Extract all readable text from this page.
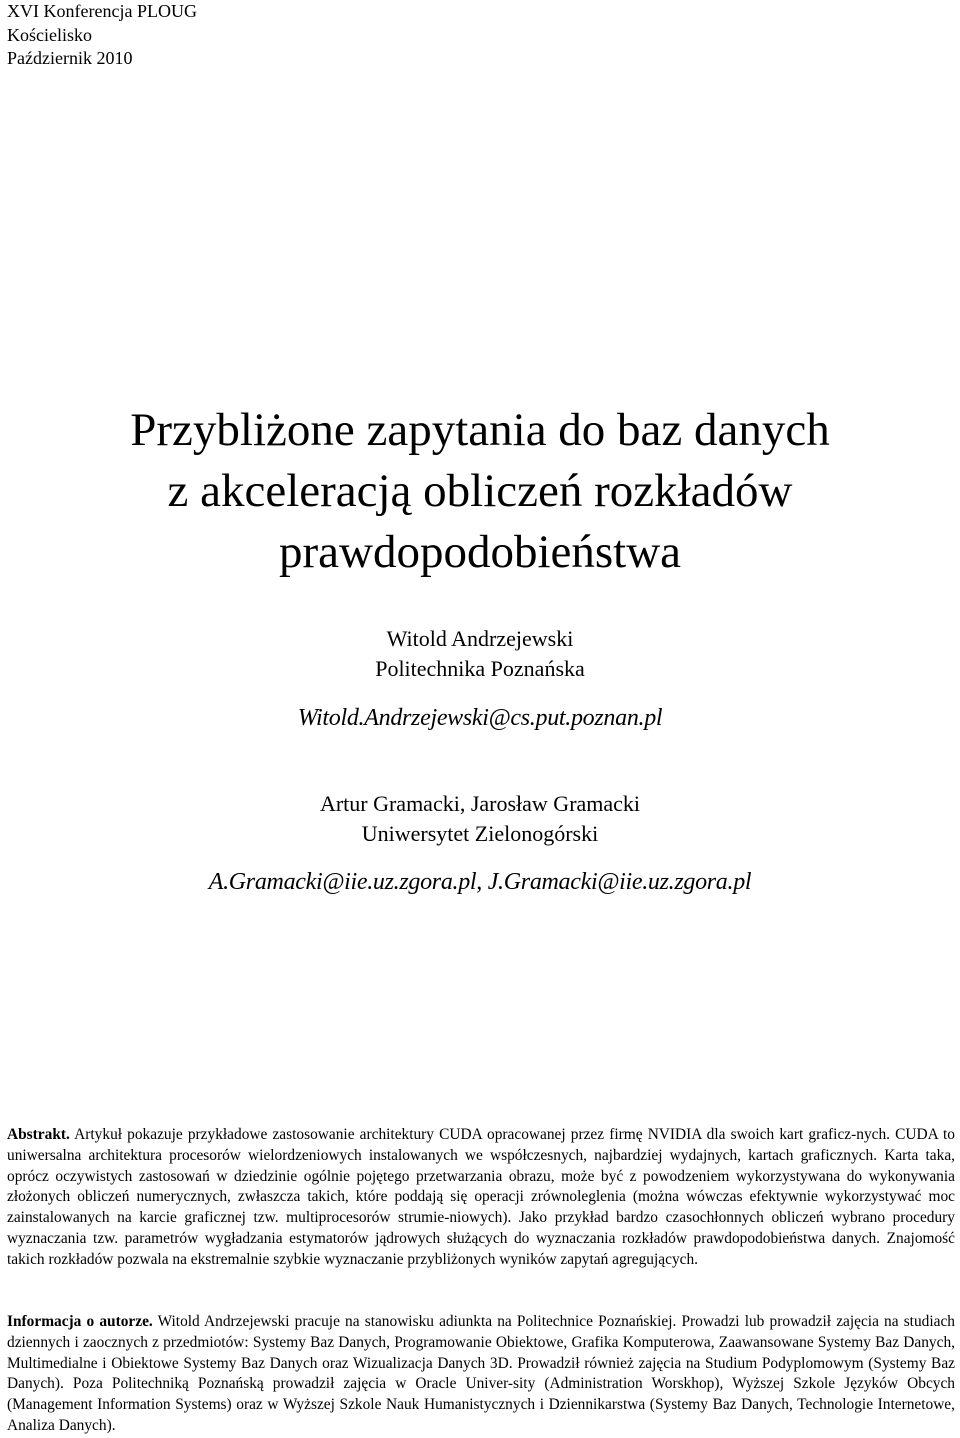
XVI Konferencja PLOUG
Kościelisko
Październik 2010
Przybliżone zapytania do baz danych
z akceleracją obliczeń rozkładów
prawdopodobieństwa
Witold Andrzejewski
Politechnika Poznańska
Witold.Andrzejewski@cs.put.poznan.pl
Artur Gramacki, Jarosław Gramacki
Uniwersytet Zielonogórski
A.Gramacki@iie.uz.zgora.pl, J.Gramacki@iie.uz.zgora.pl

Abstrakt. Artykuł pokazuje przykładowe zastosowanie architektury CUDA opracowanej przez firmę NVIDIA dla swoich kart graficz-nych. CUDA to uniwersalna architektura procesorów wielordzeniowych instalowanych we współczesnych, najbardziej wydajnych, kartach graficznych. Karta taka, oprócz oczywistych zastosowań w dziedzinie ogólnie pojętego przetwarzania obrazu, może być z powodzeniem wykorzystywana do wykonywania złożonych obliczeń numerycznych, zwłaszcza takich, które poddają się operacji zrównoleglenia (można wówczas efektywnie wykorzystywać moc zainstalowanych na karcie graficznej tzw. multiprocesorów strumie-niowych). Jako przykład bardzo czasochłonnych obliczeń wybrano procedury wyznaczania tzw. parametrów wygładzania estymatorów jądrowych służących do wyznaczania rozkładów prawdopodobieństwa danych. Znajomość takich rozkładów pozwala na ekstremalnie szybkie wyznaczanie przybliżonych wyników zapytań agregujących.

Informacja o autorze. Witold Andrzejewski pracuje na stanowisku adiunkta na Politechnice Poznańskiej. Prowadzi lub prowadził zajęcia na studiach dziennych i zaocznych z przedmiotów: Systemy Baz Danych, Programowanie Obiektowe, Grafika Komputerowa, Zaawansowane Systemy Baz Danych, Multimedialne i Obiektowe Systemy Baz Danych oraz Wizualizacja Danych 3D. Prowadził również zajęcia na Studium Podyplomowym (Systemy Baz Danych). Poza Politechniką Poznańską prowadził zajęcia w Oracle Univer-sity (Administration Worskhop), Wyższej Szkole Języków Obcych (Management Information Systems) oraz w Wyższej Szkole Nauk Humanistycznych i Dziennikarstwa (Systemy Baz Danych, Technologie Internetowe, Analiza Danych).
